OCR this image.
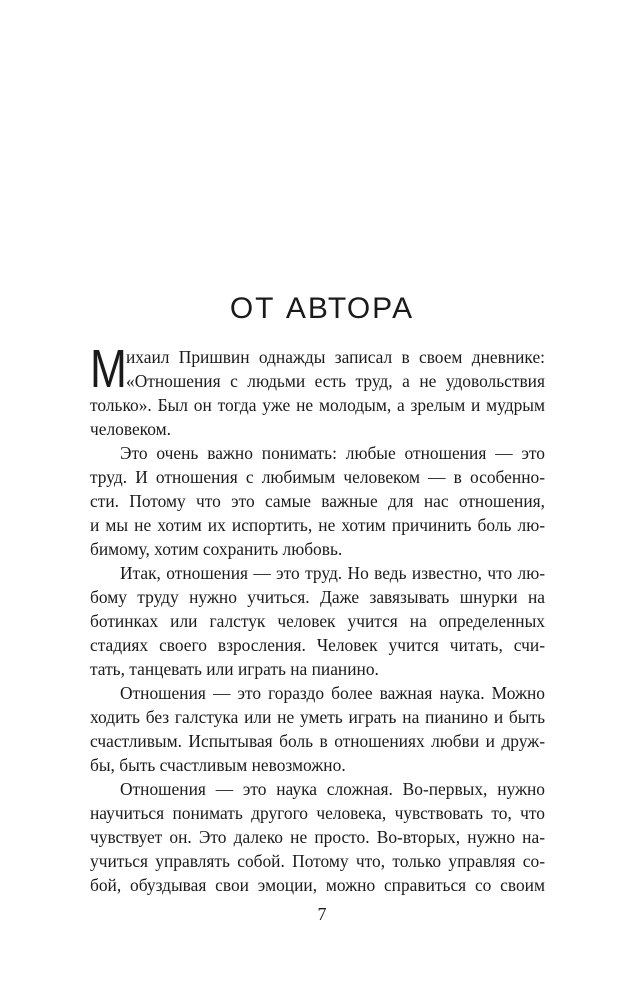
ОТ АВТОРА
М ихаил Пришвин однажды записал в своем дневнике:
«Отношения с людьми есть труд, а не удовольствия
только». Был он тогда уже не молодым, а зрелым и мудрым
человеком.
Это очень важно понимать: любые отношения — это
труд. И отношения с любимым человеком — в особенно-
сти. Потому что это самые важные для нас отношения,
и мы не хотим их испортить, не хотим причинить боль лю-
бимому, хотим сохранить любовь.
Итак, отношения — это труд. Но ведь известно, что лю-
бому труду нужно учиться. Даже завязывать шнурки на
ботинках или галстук человек учится на определенных
стадиях своего взросления. Человек учится читать, счи-
тать, танцевать или играть на пианино.
Отношения — это гораздо более важная наука. Можно
ходить без галстука или не уметь играть на пианино и быть
счастливым. Испытывая боль в отношениях любви и друж-
бы, быть счастливым невозможно.
Отношения — это наука сложная. Во-первых, нужно
научиться понимать другого человека, чувствовать то, что
чувствует он. Это далеко не просто. Во-вторых, нужно на-
учиться управлять собой. Потому что, только управляя со-
бой, обуздывая свои эмоции, можно справиться со своим
7
